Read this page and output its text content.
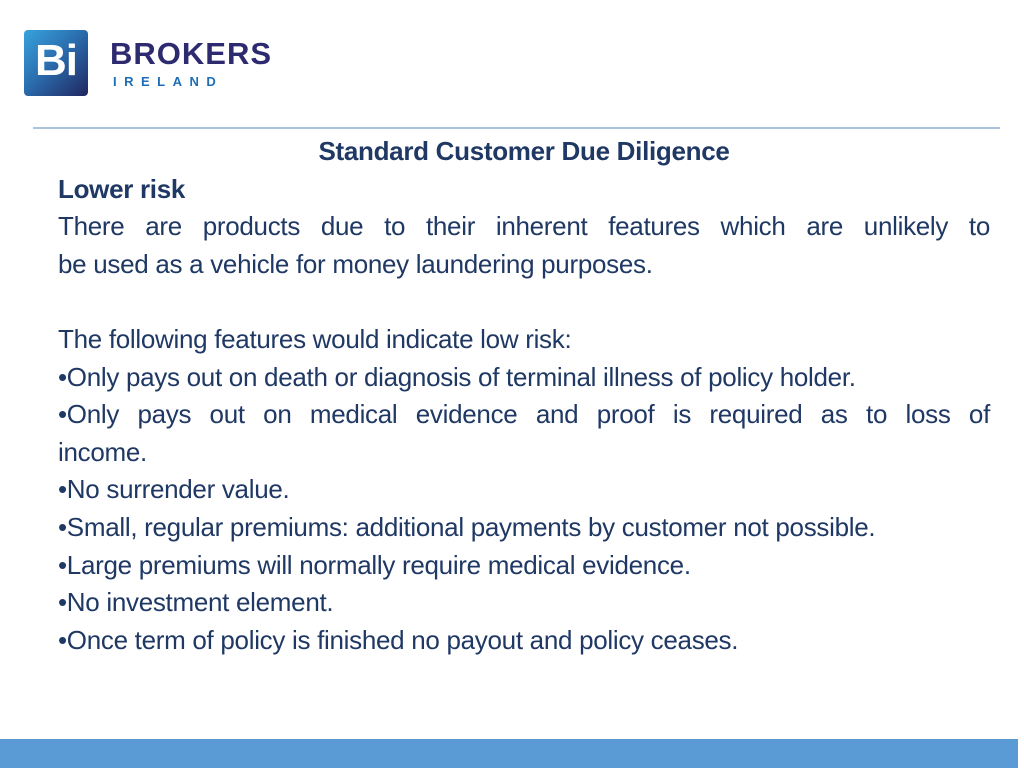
Bi BROKERS
IRELAND
Standard Customer Due Diligence
Lower risk
There are products due to their inherent features which are unlikely to
be used as a vehicle for money laundering purposes.
The following features would indicate low risk:
•Only pays out on death or diagnosis of terminal illness of policy holder.
•Only pays out on medical evidence and proof is required as to loss of
income.
•No surrender value.
•Small, regular premiums: additional payments by customer not possible.
•Large premiums will normally require medical evidence.
•No investment element.
•Once term of policy is finished no payout and policy ceases.
